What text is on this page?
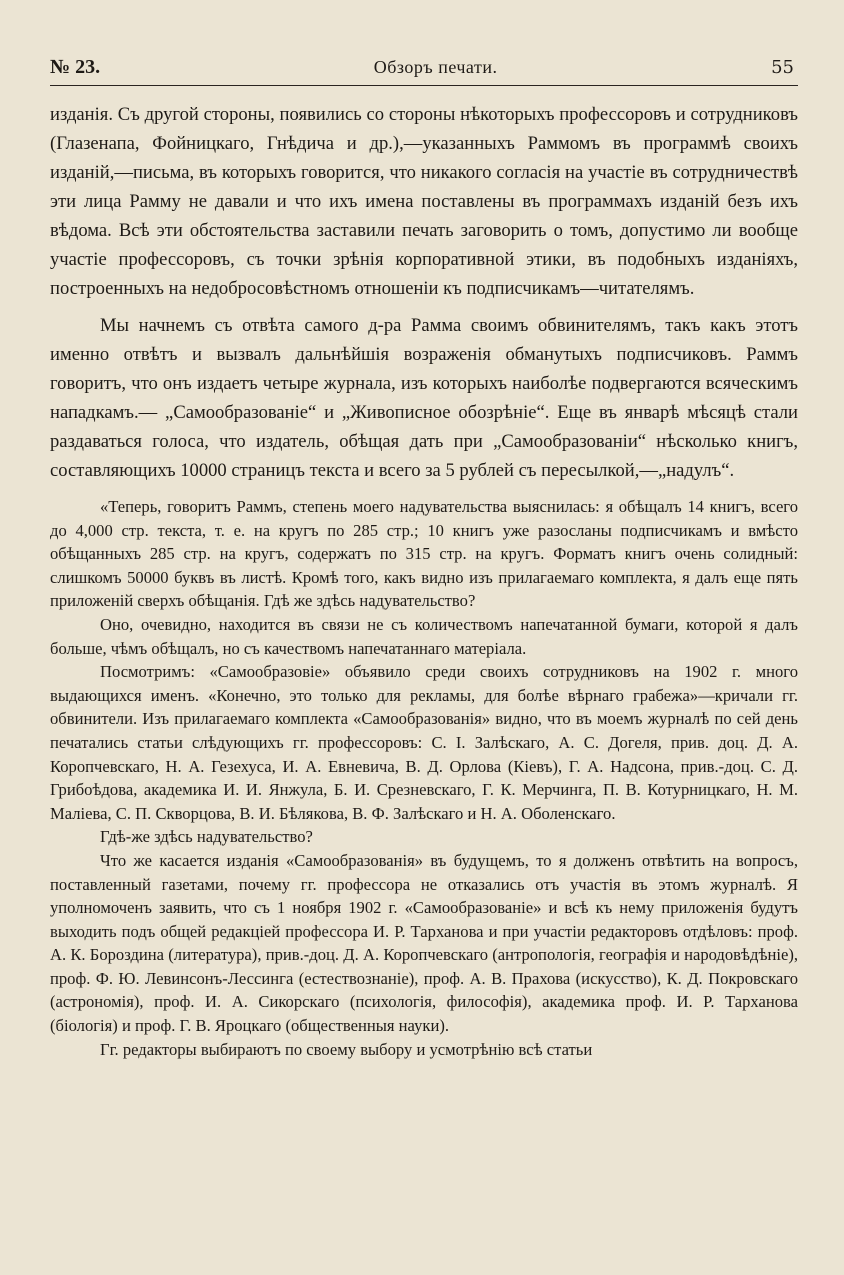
№ 23.	Обзоръ печати.	55

изданія. Съ другой стороны, появились со стороны нѣкоторыхъ профессоровъ и сотрудниковъ (Глазенапа, Фойницкаго, Гнѣдича и др.),—указанныхъ Раммомъ въ программѣ своихъ изданій,—письма, въ которыхъ говорится, что никакого согласія на участіе въ сотрудничествѣ эти лица Рамму не давали и что ихъ имена поставлены въ программахъ изданій безъ ихъ вѣдома. Всѣ эти обстоятельства заставили печать заговорить о томъ, допустимо ли вообще участіе профессоровъ, съ точки зрѣнія корпоративной этики, въ подобныхъ изданіяхъ, построенныхъ на недобросовѣстномъ отношеніи къ подписчикамъ—читателямъ.

Мы начнемъ съ отвѣта самого д-ра Рамма своимъ обвинителямъ, такъ какъ этотъ именно отвѣтъ и вызвалъ дальнѣйшія возраженія обманутыхъ подписчиковъ. Раммъ говоритъ, что онъ издаетъ четыре журнала, изъ которыхъ наиболѣе подвергаются всяческимъ нападкамъ.— „Самообразованіе“ и „Живописное обозрѣніе“. Еще въ январѣ мѣсяцѣ стали раздаваться голоса, что издатель, обѣщая дать при „Самообразованіи“ нѣсколько книгъ, составляющихъ 10000 страницъ текста и всего за 5 рублей съ пересылкой,—„надулъ“.

«Теперь, говоритъ Раммъ, степень моего надувательства выяснилась: я обѣщалъ 14 книгъ, всего до 4,000 стр. текста, т. е. на кругъ по 285 стр.; 10 книгъ уже разосланы подписчикамъ и вмѣсто обѣщанныхъ 285 стр. на кругъ, содержатъ по 315 стр. на кругъ. Форматъ книгъ очень солидный: слишкомъ 50000 буквъ въ листѣ. Кромѣ того, какъ видно изъ прилагаемаго комплекта, я далъ еще пять приложеній сверхъ обѣщанія. Гдѣ же здѣсь надувательство?

Оно, очевидно, находится въ связи не съ количествомъ напечатанной бумаги, которой я далъ больше, чѣмъ обѣщалъ, но съ качествомъ напечатаннаго матеріала.

Посмотримъ: «Самообразовіе» объявило среди своихъ сотрудниковъ на 1902 г. много выдающихся именъ. «Конечно, это только для рекламы, для болѣе вѣрнаго грабежа»—кричали гг. обвинители. Изъ прилагаемаго комплекта «Самообразованія» видно, что въ моемъ журналѣ по сей день печатались статьи слѣдующихъ гг. профессоровъ: С. І. Залѣскаго, А. С. Догеля, прив. доц. Д. А. Коропчевскаго, Н. А. Гезехуса, И. А. Евневича, В. Д. Орлова (Кіевъ), Г. А. Надсона, прив.-доц. С. Д. Грибоѣдова, академика И. И. Янжула, Б. И. Срезневскаго, Г. К. Мерчинга, П. В. Котурницкаго, Н. М. Маліева, С. П. Скворцова, В. И. Бѣлякова, В. Ф. Залѣскаго и Н. А. Оболенскаго.

Гдѣ-же здѣсь надувательство?

Что же касается изданія «Самообразованія» въ будущемъ, то я долженъ отвѣтить на вопросъ, поставленный газетами, почему гг. профессора не отказались отъ участія въ этомъ журналѣ. Я уполномоченъ заявить, что съ 1 ноября 1902 г. «Самообразованіе» и всѣ къ нему приложенія будутъ выходить подъ общей редакціей профессора И. Р. Тарханова и при участіи редакторовъ отдѣловъ: проф. А. К. Бороздина (литература), прив.-доц. Д. А. Коропчевскаго (антропологія, географія и народовѣдѣніе), проф. Ф. Ю. Левинсонъ-Лессинга (естествознаніе), проф. А. В. Прахова (искусство), К. Д. Покровскаго (астрономія), проф. И. А. Сикорскаго (психологія, философія), академика проф. И. Р. Тарханова (біологія) и проф. Г. В. Яроцкаго (общественныя науки).

Гг. редакторы выбираютъ по своему выбору и усмотрѣнію всѣ статьи
